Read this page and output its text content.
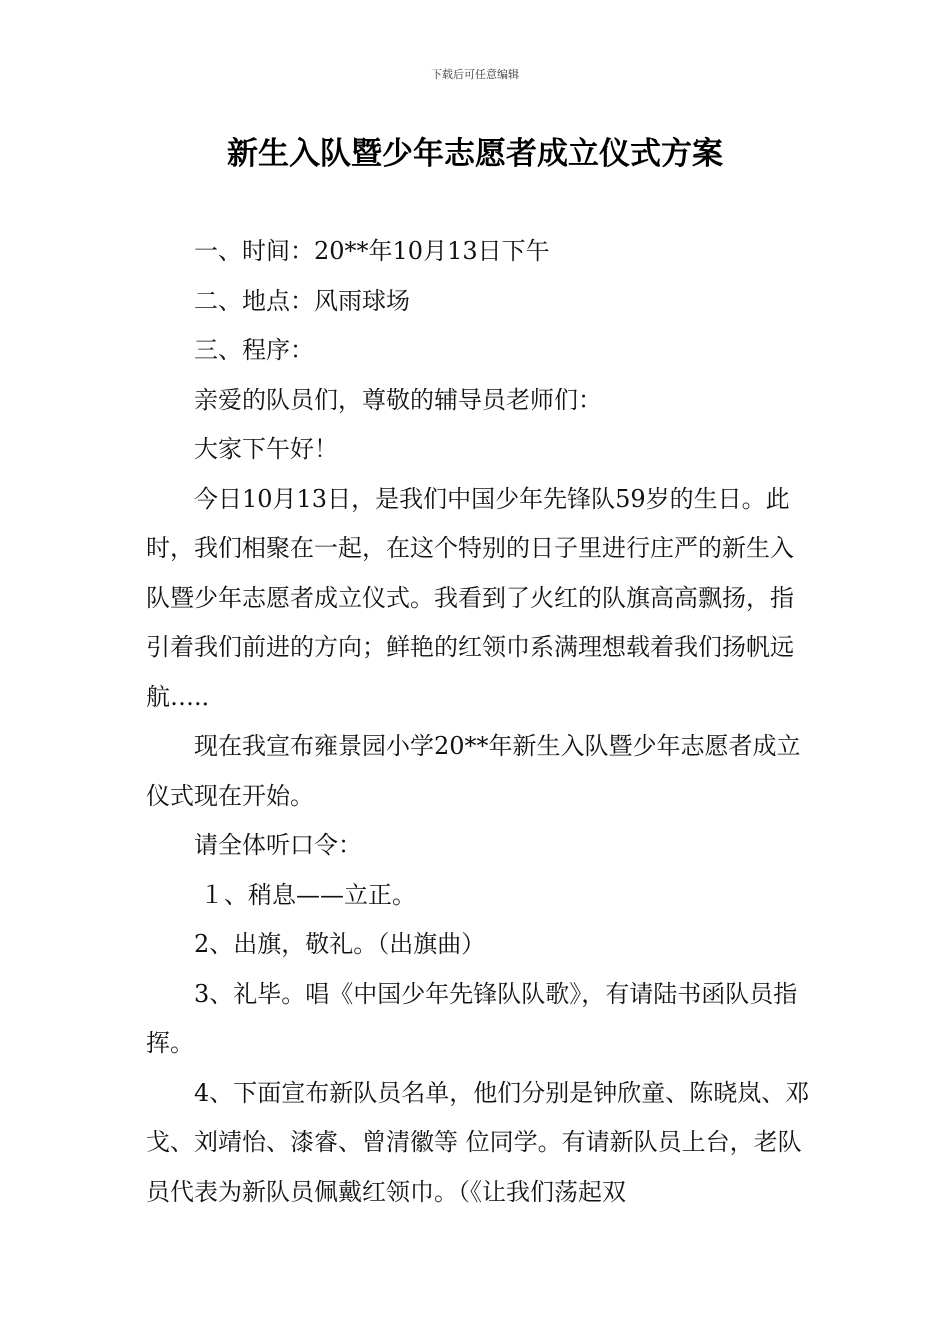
下载后可任意编辑
新生入队暨少年志愿者成立仪式方案

一、时间：20**年10月13日下午

二、地点：风雨球场

三、程序：

亲爱的队员们，尊敬的辅导员老师们：

大家下午好！

今日10月13日，是我们中国少年先锋队59岁的生日。此时，我们相聚在一起，在这个特别的日子里进行庄严的新生入队暨少年志愿者成立仪式。我看到了火红的队旗高高飘扬，指引着我们前进的方向；鲜艳的红领巾系满理想载着我们扬帆远航….．

现在我宣布雍景园小学20**年新生入队暨少年志愿者成立仪式现在开始。

请全体听口令：

１、稍息——立正。

2、出旗，敬礼。（出旗曲）

3、礼毕。唱《中国少年先锋队队歌》，有请陆书函队员指挥。

4、下面宣布新队员名单，他们分别是钟欣童、陈晓岚、邓戈、刘靖怡、漆睿、曾清徽等 位同学。有请新队员上台，老队员代表为新队员佩戴红领巾。（《让我们荡起双
